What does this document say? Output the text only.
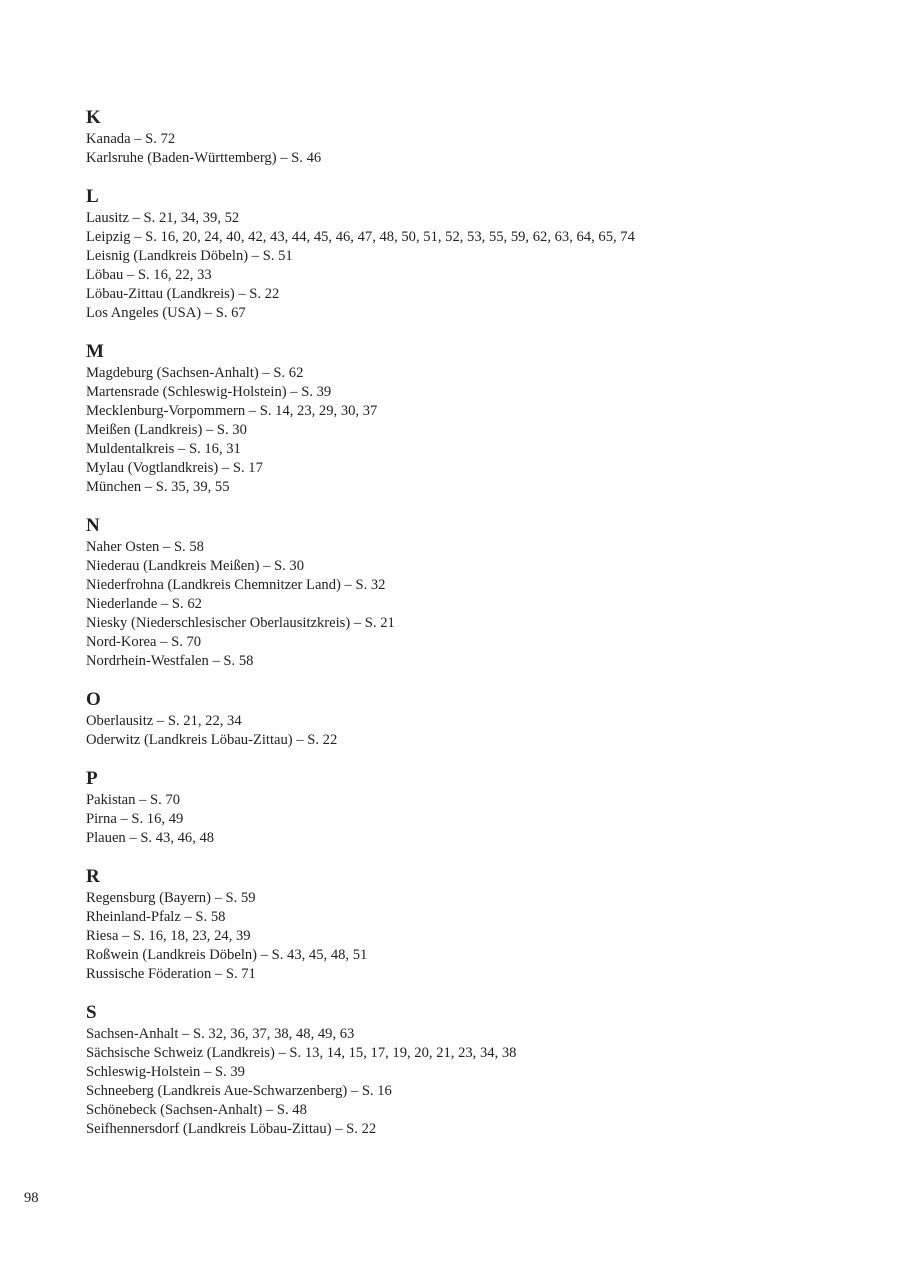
K
Kanada – S. 72
Karlsruhe (Baden-Württemberg) – S. 46
L
Lausitz – S. 21, 34, 39, 52
Leipzig – S. 16, 20, 24, 40, 42, 43, 44, 45, 46, 47, 48, 50, 51, 52, 53, 55, 59, 62, 63, 64, 65, 74
Leisnig (Landkreis Döbeln) – S. 51
Löbau – S. 16, 22, 33
Löbau-Zittau (Landkreis) – S. 22
Los Angeles (USA) – S. 67
M
Magdeburg (Sachsen-Anhalt) – S. 62
Martensrade (Schleswig-Holstein) – S. 39
Mecklenburg-Vorpommern – S. 14, 23, 29, 30, 37
Meißen (Landkreis) – S. 30
Muldentalkreis – S. 16, 31
Mylau (Vogtlandkreis) – S. 17
München – S. 35, 39, 55
N
Naher Osten – S. 58
Niederau (Landkreis Meißen) – S. 30
Niederfrohna (Landkreis Chemnitzer Land) – S. 32
Niederlande – S. 62
Niesky (Niederschlesischer Oberlausitzkreis) – S. 21
Nord-Korea – S. 70
Nordrhein-Westfalen – S. 58
O
Oberlausitz – S. 21, 22, 34
Oderwitz (Landkreis Löbau-Zittau) – S. 22
P
Pakistan – S. 70
Pirna – S. 16, 49
Plauen – S. 43, 46, 48
R
Regensburg (Bayern) – S. 59
Rheinland-Pfalz – S. 58
Riesa – S. 16, 18, 23, 24, 39
Roßwein (Landkreis Döbeln) – S. 43, 45, 48, 51
Russische Föderation – S. 71
S
Sachsen-Anhalt – S. 32, 36, 37, 38, 48, 49, 63
Sächsische Schweiz (Landkreis) – S. 13, 14, 15, 17, 19, 20, 21, 23, 34, 38
Schleswig-Holstein – S. 39
Schneeberg (Landkreis Aue-Schwarzenberg) – S. 16
Schönebeck (Sachsen-Anhalt) – S. 48
Seifhennersdorf (Landkreis Löbau-Zittau) – S. 22
98
